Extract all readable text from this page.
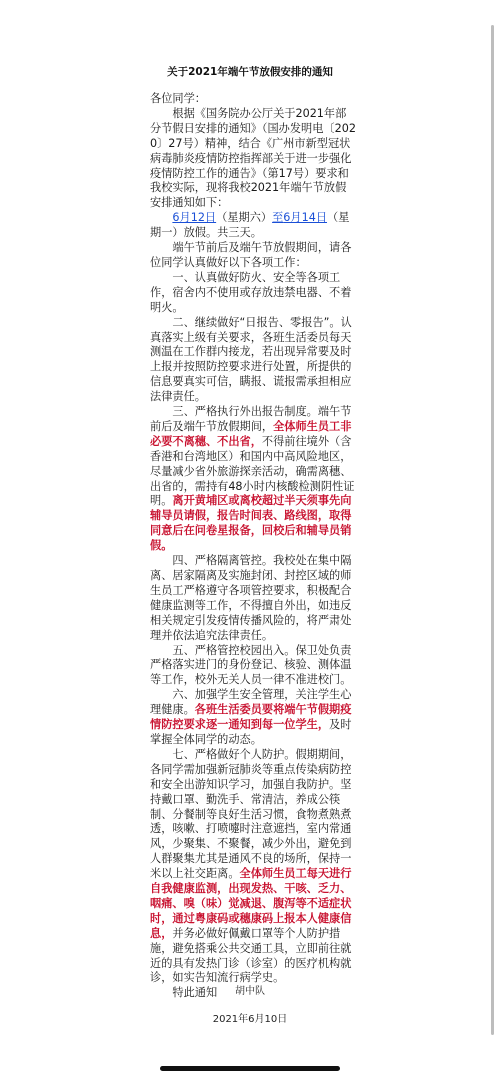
关于2021年端午节放假安排的通知

各位同学：

根据《国务院办公厅关于2021年部分节假日安排的通知》（国办发明电〔2020〕27号）精神，结合《广州市新型冠状病毒肺炎疫情防控指挥部关于进一步强化疫情防控工作的通告》（第17号）要求和我校实际，现将我校2021年端午节放假安排通知如下：

6月12日（星期六）至6月14日（星期一）放假。共三天。

端午节前后及端午节放假期间，请各位同学认真做好以下各项工作：

一、认真做好防火、安全等各项工作，宿舍内不使用或存放违禁电器、不着明火。

二、继续做好“日报告、零报告”。认真落实上级有关要求，各班生活委员每天测温在工作群内接龙，若出现异常要及时上报并按照防控要求进行处置，所提供的信息要真实可信，瞒报、谎报需承担相应法律责任。

三、严格执行外出报告制度。端午节前后及端午节放假期间，全体师生员工非必要不离穗、不出省，不得前往境外（含香港和台湾地区）和国内中高风险地区，尽量减少省外旅游探亲活动，确需离穗、出省的，需持有48小时内核酸检测阴性证明。离开黄埔区或离校超过半天须事先向辅导员请假，报告时间表、路线图，取得同意后在问卷星报备，回校后和辅导员销假。

四、严格隔离管控。我校处在集中隔离、居家隔离及实施封闭、封控区域的师生员工严格遵守各项管控要求，积极配合健康监测等工作，不得擅自外出，如违反相关规定引发疫情传播风险的，将严肃处理并依法追究法律责任。

五、严格管控校园出入。保卫处负责严格落实进门的身份登记、核验、测体温等工作，校外无关人员一律不准进校门。

六、加强学生安全管理，关注学生心理健康。各班生活委员要将端午节假期疫情防控要求逐一通知到每一位学生，及时掌握全体同学的动态。

七、严格做好个人防护。假期期间，各同学需加强新冠肺炎等重点传染病防控和安全出游知识学习，加强自我防护。坚持戴口罩、勤洗手、常清洁，养成公筷制、分餐制等良好生活习惯，食物煮熟煮透，咳嗽、打喷嚏时注意遮挡，室内常通风，少聚集、不聚餐，减少外出，避免到人群聚集尤其是通风不良的场所，保持一米以上社交距离。全体师生员工每天进行自我健康监测，出现发热、干咳、乏力、咽痛、嗅（味）觉减退、腹泻等不适症状时，通过粤康码或穗康码上报本人健康信息，并务必做好佩戴口罩等个人防护措施，避免搭乘公共交通工具，立即前往就近的具有发热门诊（诊室）的医疗机构就诊，如实告知流行病学史。

特此通知	胡中队
2021年6月10日
